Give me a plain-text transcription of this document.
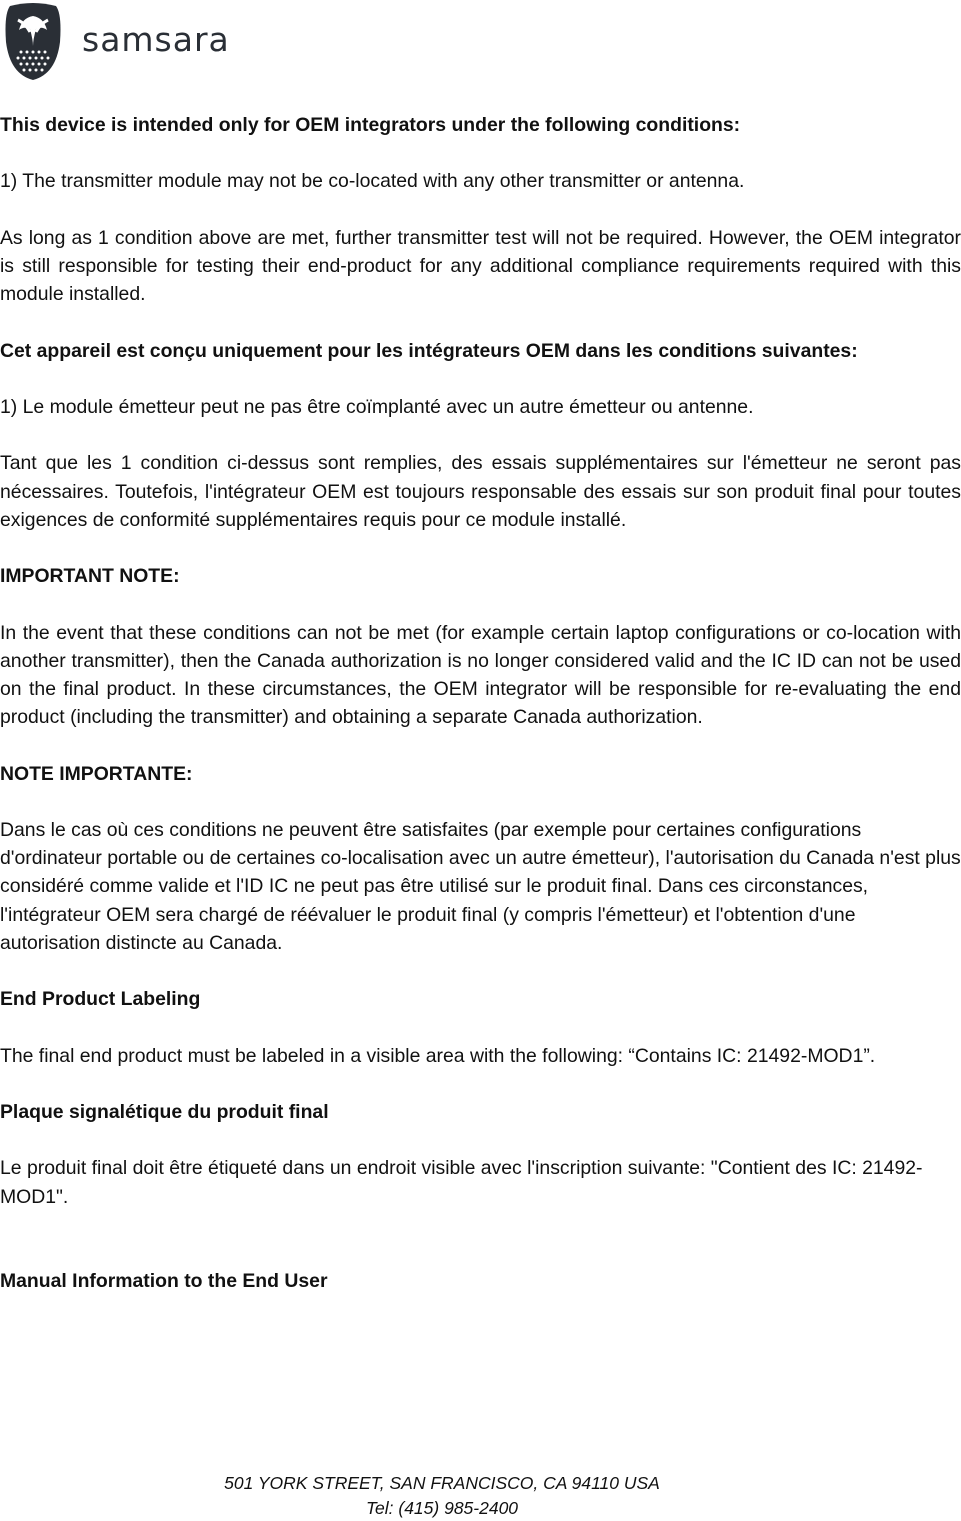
samsara

This device is intended only for OEM integrators under the following conditions:

1) The transmitter module may not be co-located with any other transmitter or antenna.

As long as 1 condition above are met, further transmitter test will not be required. However, the OEM integrator is still responsible for testing their end-product for any additional compliance requirements required with this module installed.

Cet appareil est conçu uniquement pour les intégrateurs OEM dans les conditions suivantes:

1) Le module émetteur peut ne pas être coïmplanté avec un autre émetteur ou antenne.

Tant que les 1 condition ci-dessus sont remplies, des essais supplémentaires sur l'émetteur ne seront pas nécessaires. Toutefois, l'intégrateur OEM est toujours responsable des essais sur son produit final pour toutes exigences de conformité supplémentaires requis pour ce module installé.

IMPORTANT NOTE:

In the event that these conditions can not be met (for example certain laptop configurations or co-location with another transmitter), then the Canada authorization is no longer considered valid and the IC ID can not be used on the final product. In these circumstances, the OEM integrator will be responsible for re-evaluating the end product (including the transmitter) and obtaining a separate Canada authorization.

NOTE IMPORTANTE:

Dans le cas où ces conditions ne peuvent être satisfaites (par exemple pour certaines configurations d'ordinateur portable ou de certaines co-localisation avec un autre émetteur), l'autorisation du Canada n'est plus considéré comme valide et l'ID IC ne peut pas être utilisé sur le produit final. Dans ces circonstances, l'intégrateur OEM sera chargé de réévaluer le produit final (y compris l'émetteur) et l'obtention d'une autorisation distincte au Canada.

End Product Labeling

The final end product must be labeled in a visible area with the following: “Contains IC: 21492-MOD1”.

Plaque signalétique du produit final

Le produit final doit être étiqueté dans un endroit visible avec l'inscription suivante: "Contient des IC: 21492-MOD1".

Manual Information to the End User

501 YORK STREET, SAN FRANCISCO, CA 94110 USA
Tel: (415) 985-2400
